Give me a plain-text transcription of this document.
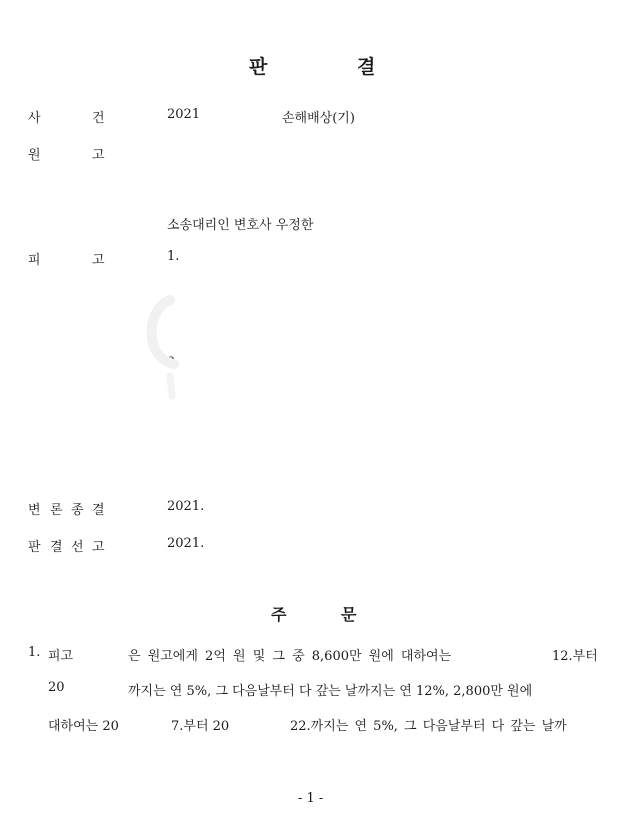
판	결
사	건	2021	손해배상(기)
원	고
소송대리인 변호사 우정한
피	고	1.
2.
변 론 종 결	2021.
판 결 선 고	2021.
주	문
1. 피고	은 원고에게 2억 원 및 그 중 8,600만 원에 대하여는	12.부터
20	까지는 연 5%, 그 다음날부터 다 갚는 날까지는 연 12%, 2,800만 원에
대하여는 20	7.부터 20	22.까지는 연 5%, 그 다음날부터 다 갚는 날까
- 1 -
